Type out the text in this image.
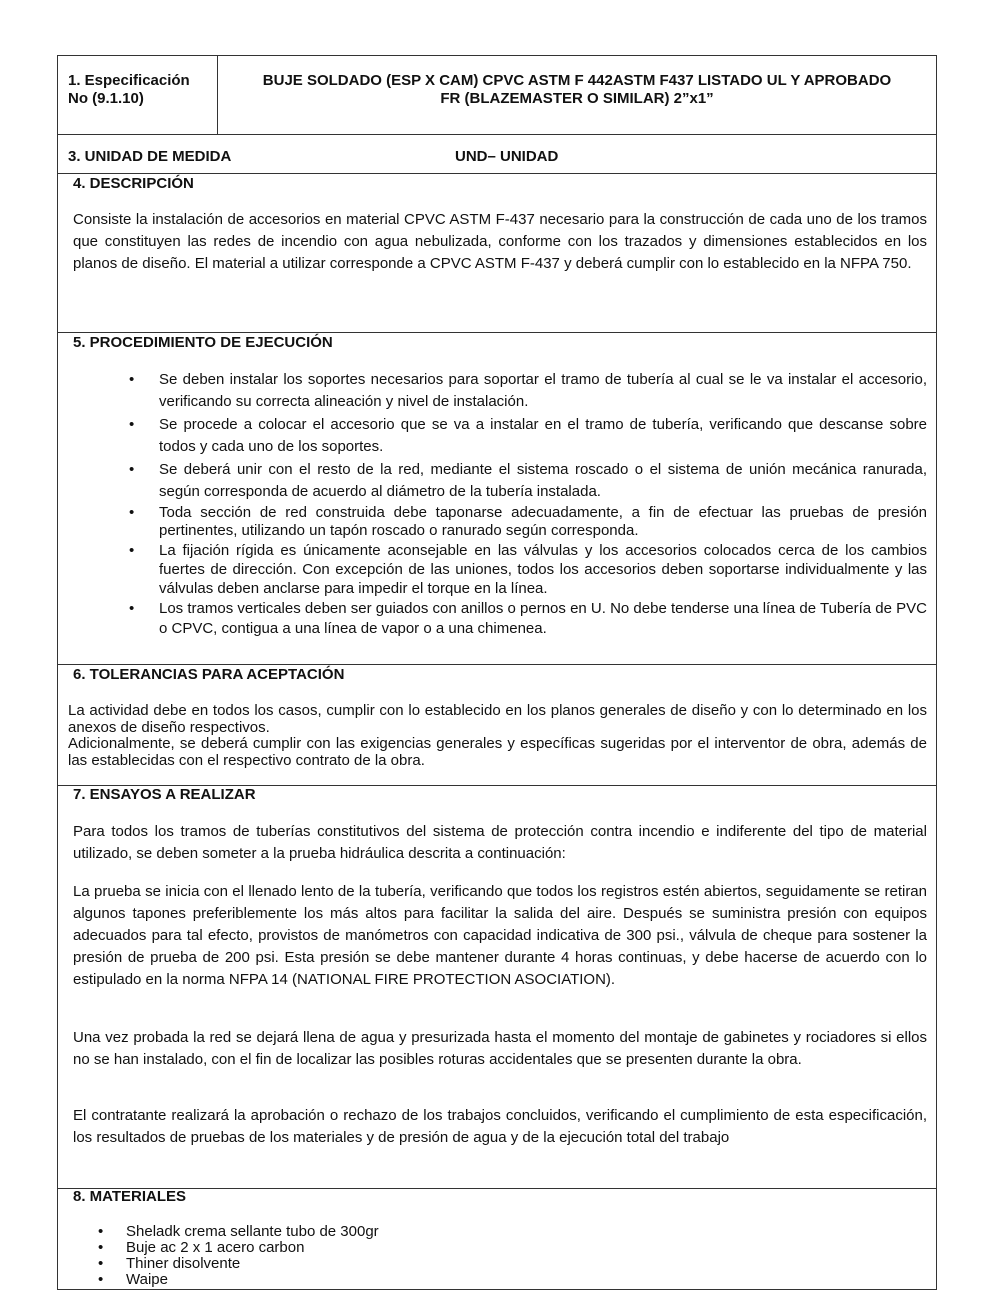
1. Especificación
No (9.1.10)
BUJE SOLDADO (ESP X CAM) CPVC ASTM F 442ASTM F437 LISTADO UL Y APROBADO
FR (BLAZEMASTER O SIMILAR) 2”x1”
3. UNIDAD DE MEDIDA	UND– UNIDAD
4. DESCRIPCIÓN

Consiste la instalación de accesorios en material CPVC ASTM F-437 necesario para la construcción de cada uno de los tramos que constituyen las redes de incendio con agua nebulizada, conforme con los trazados y dimensiones establecidos en los planos de diseño. El material a utilizar corresponde a CPVC ASTM F-437 y deberá cumplir con lo establecido en la NFPA 750.

5. PROCEDIMIENTO DE EJECUCIÓN
• Se deben instalar los soportes necesarios para soportar el tramo de tubería al cual se le va instalar el accesorio, verificando su correcta alineación y nivel de instalación.
• Se procede a colocar el accesorio que se va a instalar en el tramo de tubería, verificando que descanse sobre todos y cada uno de los soportes.
• Se deberá unir con el resto de la red, mediante el sistema roscado o el sistema de unión mecánica ranurada, según corresponda de acuerdo al diámetro de la tubería instalada.
• Toda sección de red construida debe taponarse adecuadamente, a fin de efectuar las pruebas de presión pertinentes, utilizando un tapón roscado o ranurado según corresponda.
• La fijación rígida es únicamente aconsejable en las válvulas y los accesorios colocados cerca de los cambios fuertes de dirección. Con excepción de las uniones, todos los accesorios deben soportarse individualmente y las válvulas deben anclarse para impedir el torque en la línea.
• Los tramos verticales deben ser guiados con anillos o pernos en U. No debe tenderse una línea de Tubería de PVC o CPVC, contigua a una línea de vapor o a una chimenea.
6. TOLERANCIAS PARA ACEPTACIÓN

La actividad debe en todos los casos, cumplir con lo establecido en los planos generales de diseño y con lo determinado en los anexos de diseño respectivos.

Adicionalmente, se deberá cumplir con las exigencias generales y específicas sugeridas por el interventor de obra, además de las establecidas con el respectivo contrato de la obra.

7. ENSAYOS A REALIZAR

Para todos los tramos de tuberías constitutivos del sistema de protección contra incendio e indiferente del tipo de material utilizado, se deben someter a la prueba hidráulica descrita a continuación:

La prueba se inicia con el llenado lento de la tubería, verificando que todos los registros estén abiertos, seguidamente se retiran algunos tapones preferiblemente los más altos para facilitar la salida del aire. Después se suministra presión con equipos adecuados para tal efecto, provistos de manómetros con capacidad indicativa de 300 psi., válvula de cheque para sostener la presión de prueba de 200 psi. Esta presión se debe mantener durante 4 horas continuas, y debe hacerse de acuerdo con lo estipulado en la norma NFPA 14 (NATIONAL FIRE PROTECTION ASOCIATION).

Una vez probada la red se dejará llena de agua y presurizada hasta el momento del montaje de gabinetes y rociadores si ellos no se han instalado, con el fin de localizar las posibles roturas accidentales que se presenten durante la obra.

El contratante realizará la aprobación o rechazo de los trabajos concluidos, verificando el cumplimiento de esta especificación, los resultados de pruebas de los materiales y de presión de agua y de la ejecución total del trabajo

8. MATERIALES
• Sheladk crema sellante tubo de 300gr
• Buje ac 2 x 1 acero carbon
• Thiner disolvente
• Waipe
